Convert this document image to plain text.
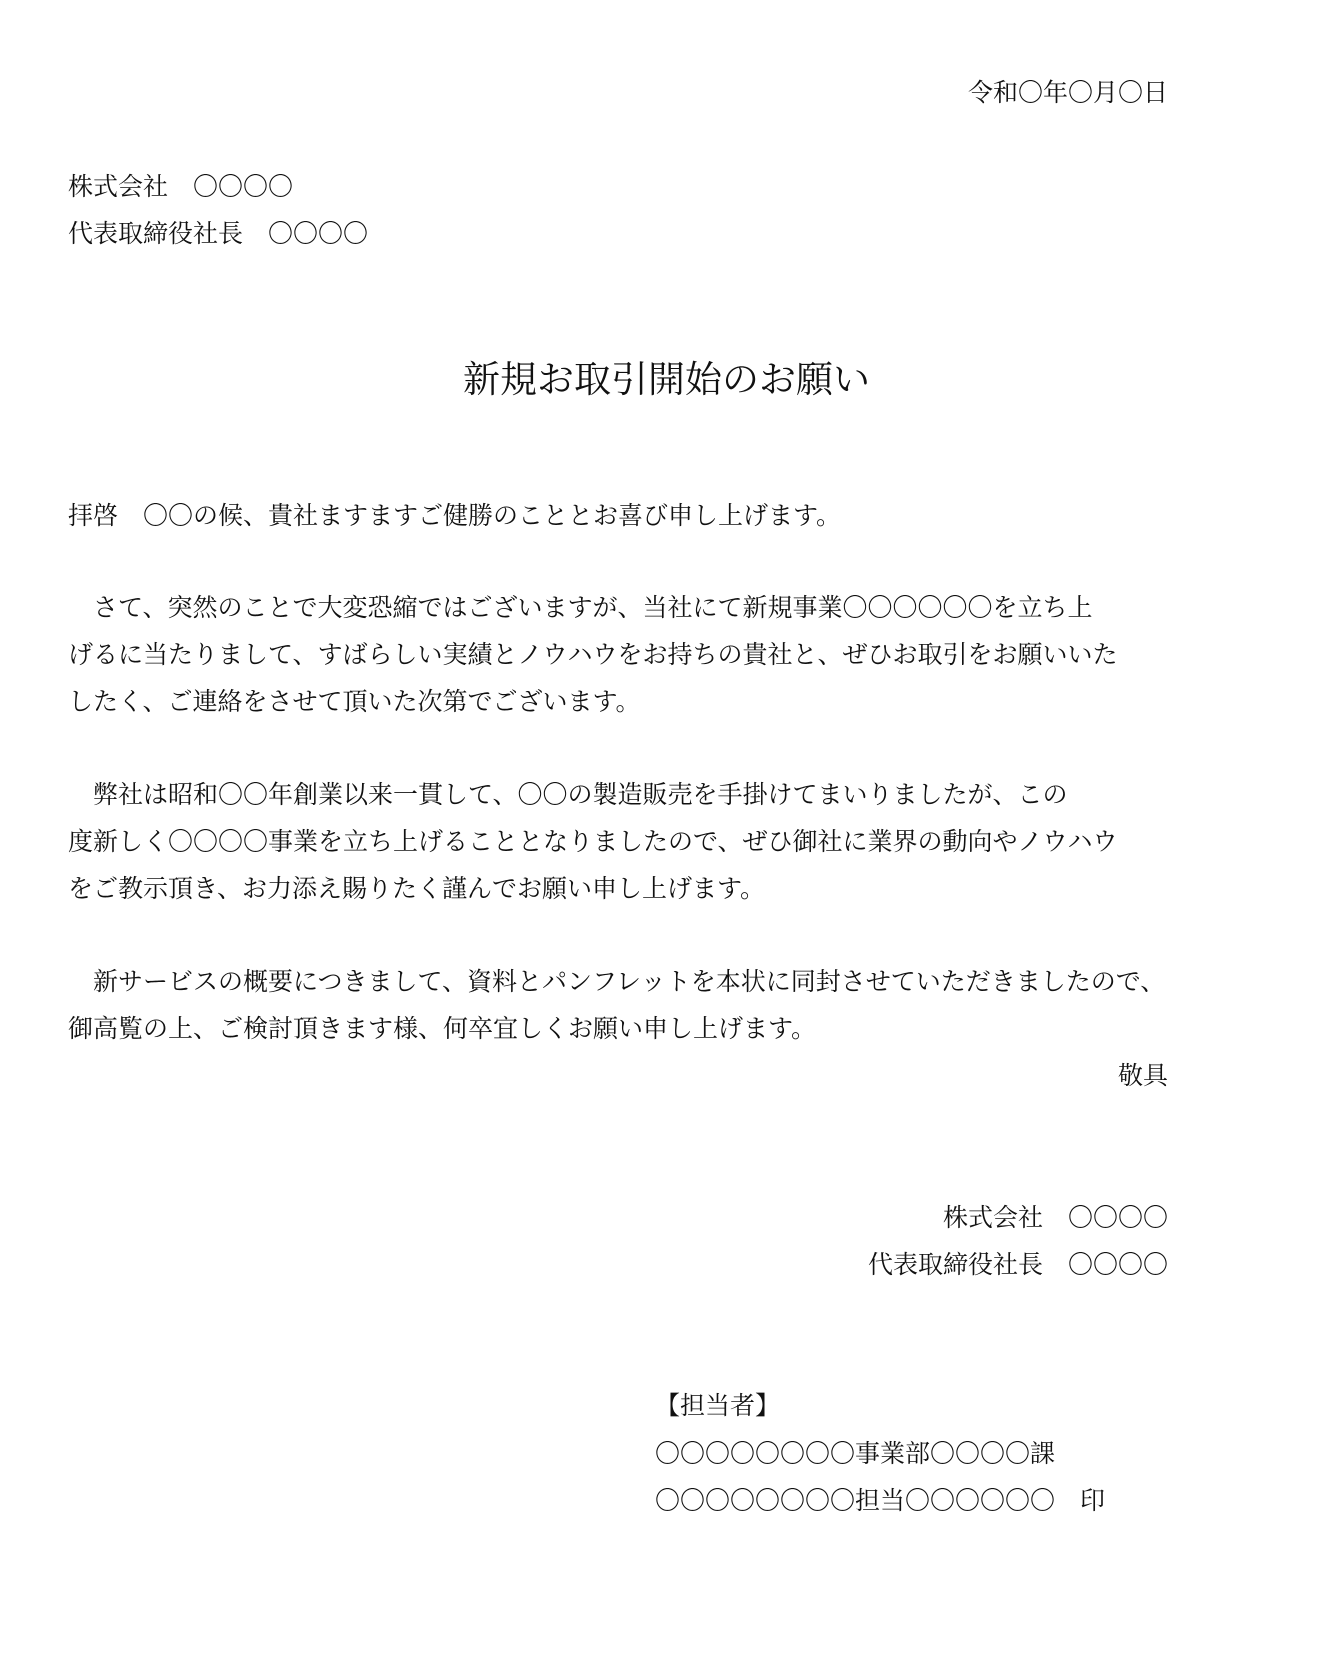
令和〇年〇月〇日

株式会社　〇〇〇〇

代表取締役社長　〇〇〇〇

新規お取引開始のお願い

拝啓　〇〇の候、貴社ますますご健勝のこととお喜び申し上げます。

　さて、突然のことで大変恐縮ではございますが、当社にて新規事業〇〇〇〇〇〇を立ち上

げるに当たりまして、すばらしい実績とノウハウをお持ちの貴社と、ぜひお取引をお願いいた

したく、ご連絡をさせて頂いた次第でございます。

　弊社は昭和〇〇年創業以来一貫して、〇〇の製造販売を手掛けてまいりましたが、この

度新しく〇〇〇〇事業を立ち上げることとなりましたので、ぜひ御社に業界の動向やノウハウ

をご教示頂き、お力添え賜りたく謹んでお願い申し上げます。

　新サービスの概要につきまして、資料とパンフレットを本状に同封させていただきましたので、

御高覧の上、ご検討頂きます様、何卒宜しくお願い申し上げます。

敬具

株式会社　〇〇〇〇

代表取締役社長　〇〇〇〇

【担当者】

〇〇〇〇〇〇〇〇事業部〇〇〇〇課

〇〇〇〇〇〇〇〇担当〇〇〇〇〇〇　印
